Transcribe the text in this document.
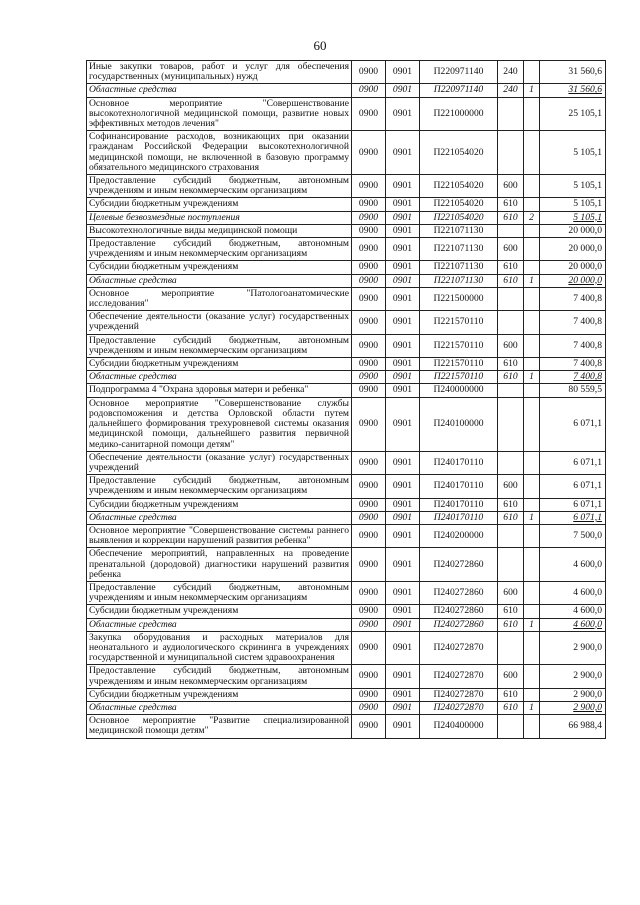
60
Иные закупки товаров, работ и услуг для обеспечения государственных (муниципальных) нужд	0900	0901	П220971140	240		31 560,6
Областные средства	0900	0901	П220971140	240	1	31 560,6
Основное мероприятие "Совершенствование высокотехнологичной медицинской помощи, развитие новых эффективных методов лечения"	0900	0901	П221000000			25 105,1
Софинансирование расходов, возникающих при оказании гражданам Российской Федерации высокотехнологичной медицинской помощи, не включенной в базовую программу обязательного медицинского страхования	0900	0901	П221054020			5 105,1
Предоставление субсидий бюджетным, автономным учреждениям и иным некоммерческим организациям	0900	0901	П221054020	600		5 105,1
Субсидии бюджетным учреждениям	0900	0901	П221054020	610		5 105,1
Целевые безвозмездные поступления	0900	0901	П221054020	610	2	5 105,1
Высокотехнологичные виды медицинской помощи	0900	0901	П221071130			20 000,0
Предоставление субсидий бюджетным, автономным учреждениям и иным некоммерческим организациям	0900	0901	П221071130	600		20 000,0
Субсидии бюджетным учреждениям	0900	0901	П221071130	610		20 000,0
Областные средства	0900	0901	П221071130	610	1	20 000,0
Основное мероприятие "Патологоанатомические исследования"	0900	0901	П221500000			7 400,8
Обеспечение деятельности (оказание услуг) государственных учреждений	0900	0901	П221570110			7 400,8
Предоставление субсидий бюджетным, автономным учреждениям и иным некоммерческим организациям	0900	0901	П221570110	600		7 400,8
Субсидии бюджетным учреждениям	0900	0901	П221570110	610		7 400,8
Областные средства	0900	0901	П221570110	610	1	7 400,8
Подпрограмма 4 "Охрана здоровья матери и ребенка"	0900	0901	П240000000			80 559,5
Основное мероприятие "Совершенствование службы родовспоможения и детства Орловской области путем дальнейшего формирования трехуровневой системы оказания медицинской помощи, дальнейшего развития первичной медико-санитарной помощи детям"	0900	0901	П240100000			6 071,1
Обеспечение деятельности (оказание услуг) государственных учреждений	0900	0901	П240170110			6 071,1
Предоставление субсидий бюджетным, автономным учреждениям и иным некоммерческим организациям	0900	0901	П240170110	600		6 071,1
Субсидии бюджетным учреждениям	0900	0901	П240170110	610		6 071,1
Областные средства	0900	0901	П240170110	610	1	6 071,1
Основное мероприятие "Совершенствование системы раннего выявления и коррекции нарушений развития ребенка"	0900	0901	П240200000			7 500,0
Обеспечение мероприятий, направленных на проведение пренатальной (дородовой) диагностики нарушений развития ребенка	0900	0901	П240272860			4 600,0
Предоставление субсидий бюджетным, автономным учреждениям и иным некоммерческим организациям	0900	0901	П240272860	600		4 600,0
Субсидии бюджетным учреждениям	0900	0901	П240272860	610		4 600,0
Областные средства	0900	0901	П240272860	610	1	4 600,0
Закупка оборудования и расходных материалов для неонатального и аудиологического скрининга в учреждениях государственной и муниципальной систем здравоохранения	0900	0901	П240272870			2 900,0
Предоставление субсидий бюджетным, автономным учреждениям и иным некоммерческим организациям	0900	0901	П240272870	600		2 900,0
Субсидии бюджетным учреждениям	0900	0901	П240272870	610		2 900,0
Областные средства	0900	0901	П240272870	610	1	2 900,0
Основное мероприятие "Развитие специализированной медицинской помощи детям"	0900	0901	П240400000			66 988,4
